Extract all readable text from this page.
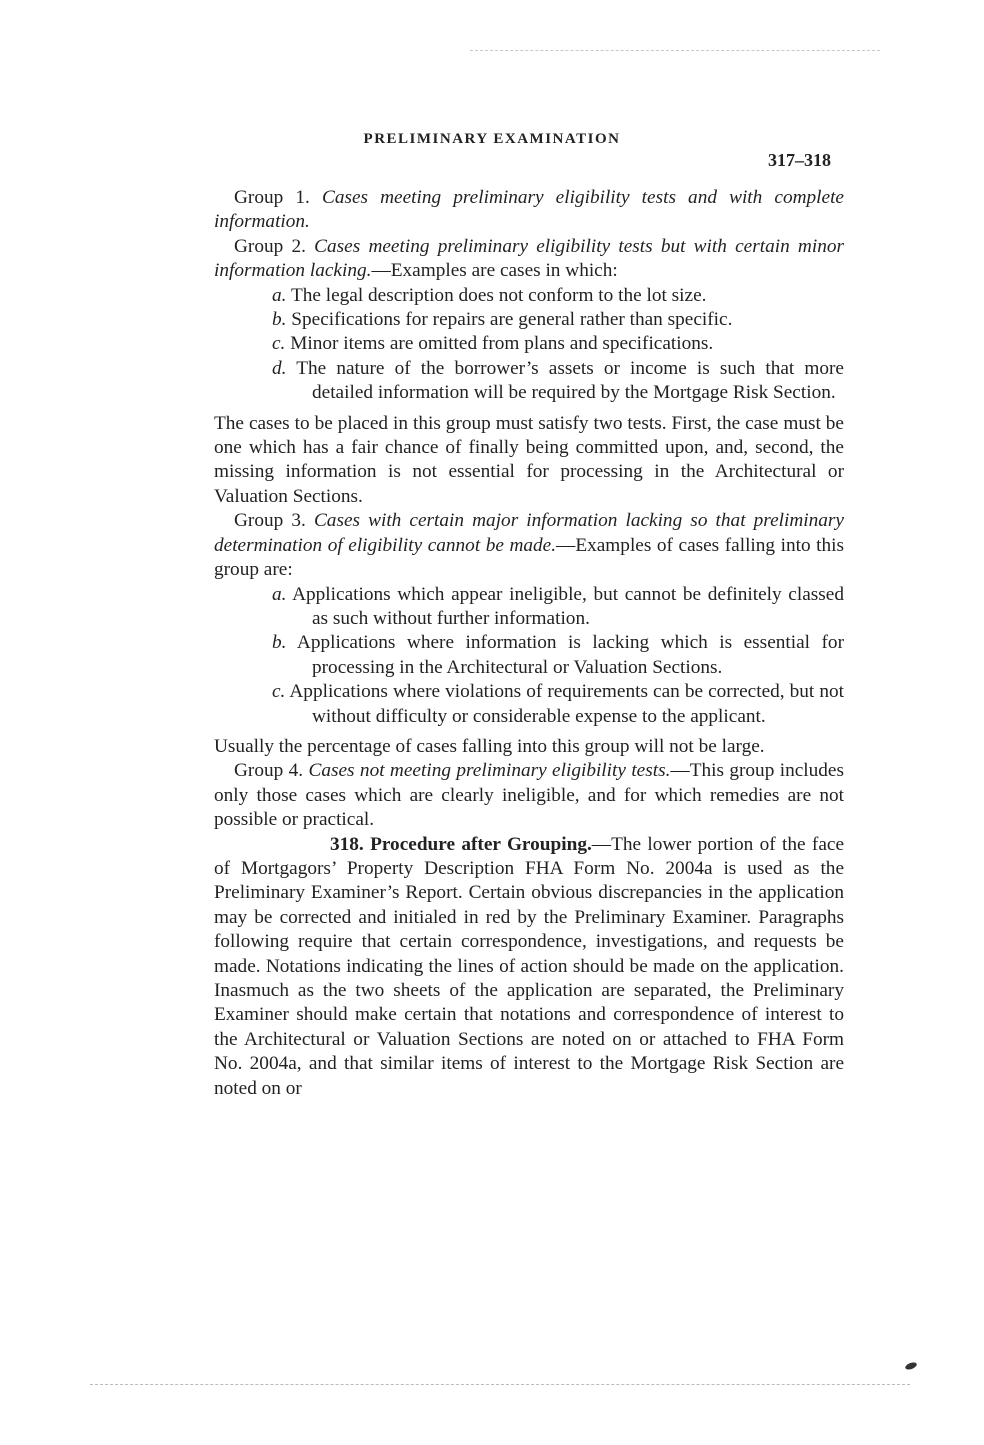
PRELIMINARY EXAMINATION
317–318

Group 1. Cases meeting preliminary eligibility tests and with complete information.

Group 2. Cases meeting preliminary eligibility tests but with certain minor information lacking.—Examples are cases in which:

a. The legal description does not conform to the lot size.
b. Specifications for repairs are general rather than specific.
c. Minor items are omitted from plans and specifications.
d. The nature of the borrower’s assets or income is such that more detailed information will be required by the Mortgage Risk Section.

The cases to be placed in this group must satisfy two tests. First, the case must be one which has a fair chance of finally being committed upon, and, second, the missing information is not essential for processing in the Architectural or Valuation Sections.

Group 3. Cases with certain major information lacking so that preliminary determination of eligibility cannot be made.—Examples of cases falling into this group are:

a. Applications which appear ineligible, but cannot be definitely classed as such without further information.
b. Applications where information is lacking which is essential for processing in the Architectural or Valuation Sections.
c. Applications where violations of requirements can be corrected, but not without difficulty or considerable expense to the applicant.

Usually the percentage of cases falling into this group will not be large.

Group 4. Cases not meeting preliminary eligibility tests.—This group includes only those cases which are clearly ineligible, and for which remedies are not possible or practical.

318. Procedure after Grouping.—The lower portion of the face of Mortgagors’ Property Description FHA Form No. 2004a is used as the Preliminary Examiner’s Report. Certain obvious discrepancies in the application may be corrected and initialed in red by the Preliminary Examiner. Paragraphs following require that certain correspondence, investigations, and requests be made. Notations indicating the lines of action should be made on the application. Inasmuch as the two sheets of the application are separated, the Preliminary Examiner should make certain that notations and correspondence of interest to the Architectural or Valuation Sections are noted on or attached to FHA Form No. 2004a, and that similar items of interest to the Mortgage Risk Section are noted on or
